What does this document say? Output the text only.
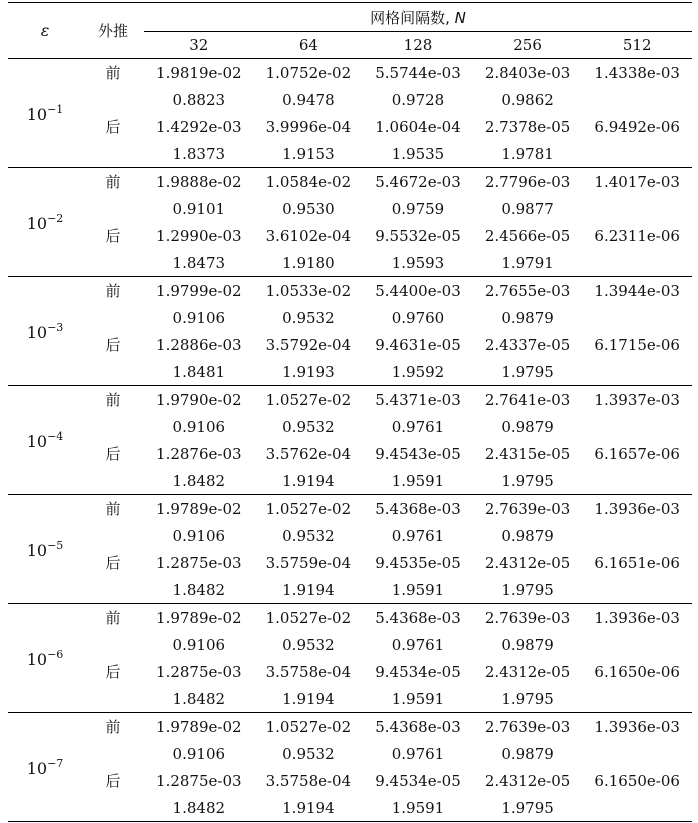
ε	外推	网格间隔数, N				
		32	64	128	256	512
$10^{-1}$	前	1.9819e-02	1.0752e-02	5.5744e-03	2.8403e-03	1.4338e-03
		0.8823	0.9478	0.9728	0.9862	
	后	1.4292e-03	3.9996e-04	1.0604e-04	2.7378e-05	6.9492e-06
		1.8373	1.9153	1.9535	1.9781	
$10^{-2}$	前	1.9888e-02	1.0584e-02	5.4672e-03	2.7796e-03	1.4017e-03
		0.9101	0.9530	0.9759	0.9877	
	后	1.2990e-03	3.6102e-04	9.5532e-05	2.4566e-05	6.2311e-06
		1.8473	1.9180	1.9593	1.9791	
$10^{-3}$	前	1.9799e-02	1.0533e-02	5.4400e-03	2.7655e-03	1.3944e-03
		0.9106	0.9532	0.9760	0.9879	
	后	1.2886e-03	3.5792e-04	9.4631e-05	2.4337e-05	6.1715e-06
		1.8481	1.9193	1.9592	1.9795	
$10^{-4}$	前	1.9790e-02	1.0527e-02	5.4371e-03	2.7641e-03	1.3937e-03
		0.9106	0.9532	0.9761	0.9879	
	后	1.2876e-03	3.5762e-04	9.4543e-05	2.4315e-05	6.1657e-06
		1.8482	1.9194	1.9591	1.9795	
$10^{-5}$	前	1.9789e-02	1.0527e-02	5.4368e-03	2.7639e-03	1.3936e-03
		0.9106	0.9532	0.9761	0.9879	
	后	1.2875e-03	3.5759e-04	9.4535e-05	2.4312e-05	6.1651e-06
		1.8482	1.9194	1.9591	1.9795	
$10^{-6}$	前	1.9789e-02	1.0527e-02	5.4368e-03	2.7639e-03	1.3936e-03
		0.9106	0.9532	0.9761	0.9879	
	后	1.2875e-03	3.5758e-04	9.4534e-05	2.4312e-05	6.1650e-06
		1.8482	1.9194	1.9591	1.9795	
$10^{-7}$	前	1.9789e-02	1.0527e-02	5.4368e-03	2.7639e-03	1.3936e-03
		0.9106	0.9532	0.9761	0.9879	
	后	1.2875e-03	3.5758e-04	9.4534e-05	2.4312e-05	6.1650e-06
		1.8482	1.9194	1.9591	1.9795	
